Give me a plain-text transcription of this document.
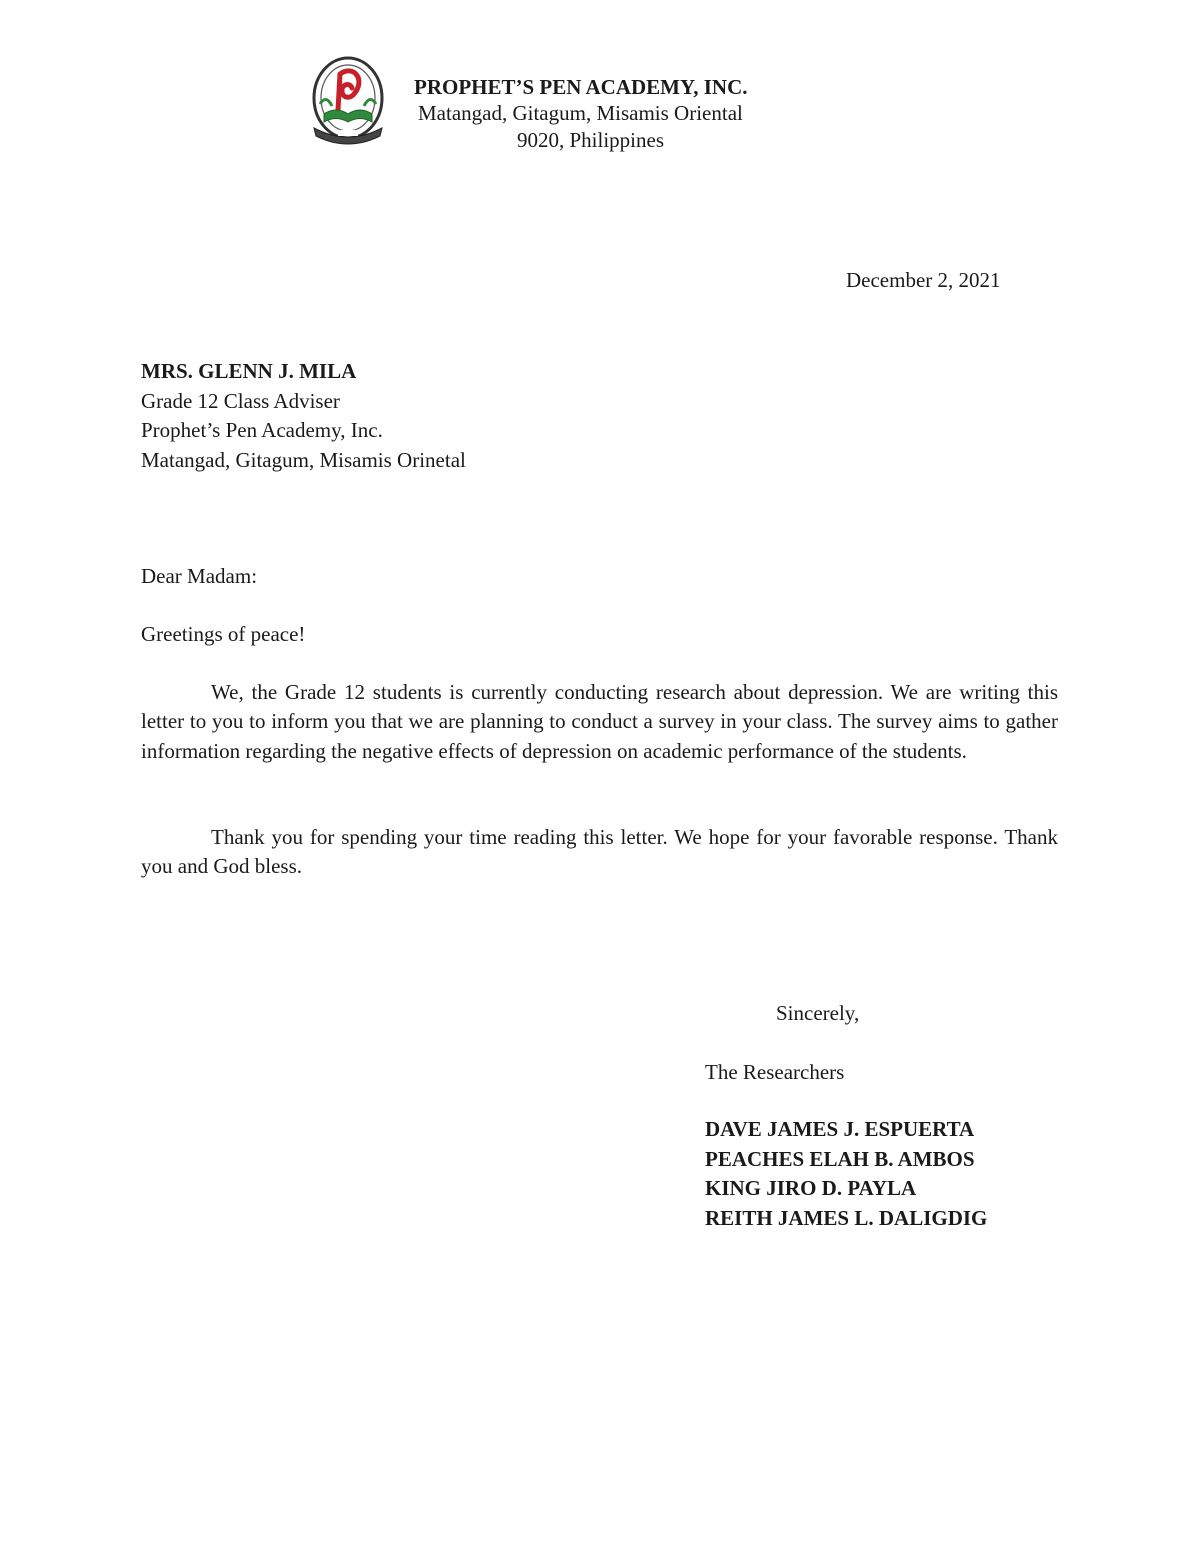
PROPHET’S PEN ACADEMY, INC.
Matangad, Gitagum, Misamis Oriental
9020, Philippines
December 2, 2021
MRS. GLENN J. MILA
Grade 12 Class Adviser
Prophet’s Pen Academy, Inc.
Matangad, Gitagum, Misamis Orinetal
Dear Madam:
Greetings of peace!
We, the Grade 12 students is currently conducting research about depression. We are writing this letter to you to inform you that we are planning to conduct a survey in your class. The survey aims to gather information regarding the negative effects of depression on academic performance of the students.
Thank you for spending your time reading this letter. We hope for your favorable response. Thank you and God bless.
Sincerely,
The Researchers
DAVE JAMES J. ESPUERTA
PEACHES ELAH B. AMBOS
KING JIRO D. PAYLA
REITH JAMES L. DALIGDIG
